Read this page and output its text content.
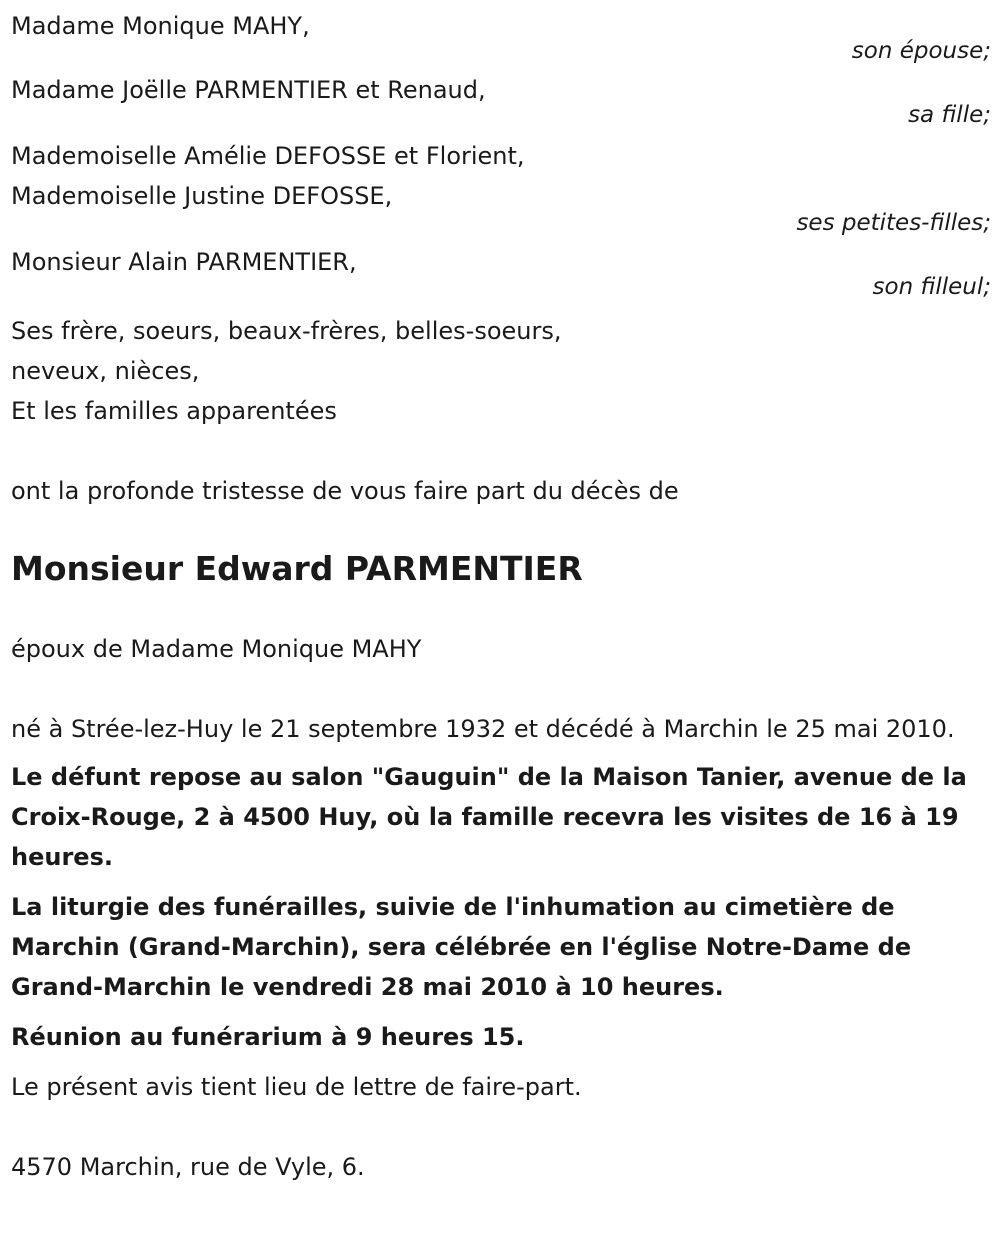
Madame Monique MAHY,

son épouse;

Madame Joëlle PARMENTIER et Renaud,

sa fille;

Mademoiselle Amélie DEFOSSE et Florient,

Mademoiselle Justine DEFOSSE,

ses petites-filles;

Monsieur Alain PARMENTIER,

son filleul;

Ses frère, soeurs, beaux-frères, belles-soeurs,

neveux, nièces,

Et les familles apparentées

ont la profonde tristesse de vous faire part du décès de

Monsieur Edward PARMENTIER

époux de Madame Monique MAHY

né à Strée-lez-Huy le 21 septembre 1932 et décédé à Marchin le 25 mai 2010.

Le défunt repose au salon "Gauguin" de la Maison Tanier, avenue de la Croix-Rouge, 2 à 4500 Huy, où la famille recevra les visites de 16 à 19 heures.

La liturgie des funérailles, suivie de l'inhumation au cimetière de Marchin (Grand-Marchin), sera célébrée en l'église Notre-Dame de Grand-Marchin le vendredi 28 mai 2010 à 10 heures.

Réunion au funérarium à 9 heures 15.

Le présent avis tient lieu de lettre de faire-part.

4570 Marchin, rue de Vyle, 6.
